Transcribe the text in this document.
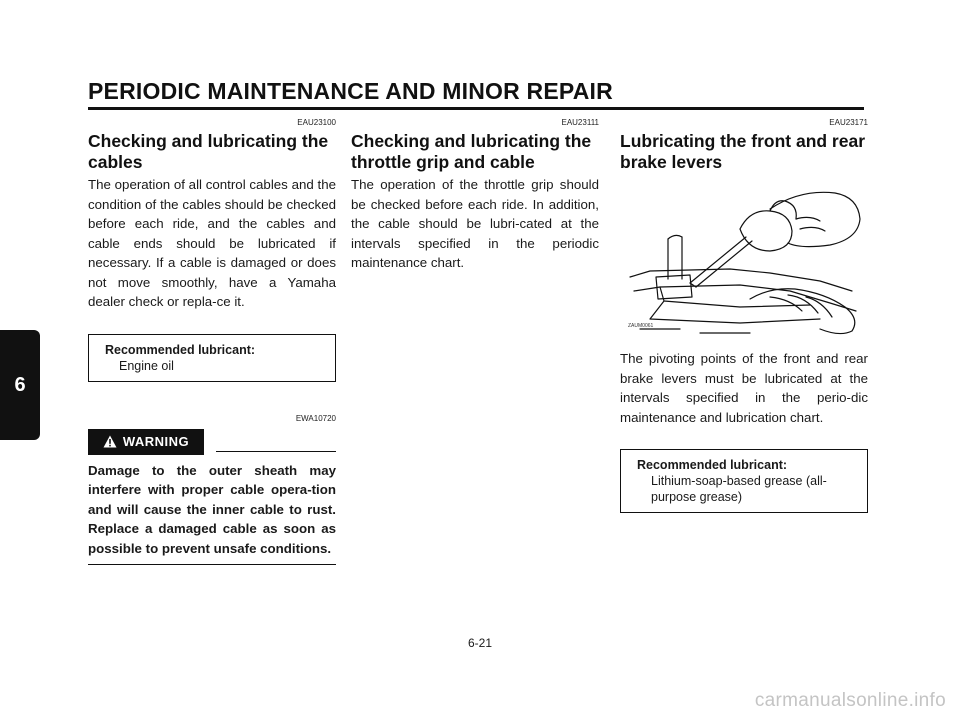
PERIODIC MAINTENANCE AND MINOR REPAIR
6
EAU23100
Checking and lubricating the cables

The operation of all control cables and the condition of the cables should be checked before each ride, and the cables and cable ends should be lubricated if necessary. If a cable is damaged or does not move smoothly, have a Yamaha dealer check or repla-ce it.

Recommended lubricant:
Engine oil
EWA10720
WARNING
Damage to the outer sheath may interfere with proper cable opera-tion and will cause the inner cable to rust. Replace a damaged cable as soon as possible to prevent unsafe conditions.
EAU23111
Checking and lubricating the throttle grip and cable

The operation of the throttle grip should be checked before each ride. In addition, the cable should be lubri-cated at the intervals specified in the periodic maintenance chart.

EAU23171
Lubricating the front and rear brake levers
ZAUM0061

The pivoting points of the front and rear brake levers must be lubricated at the intervals specified in the perio-dic maintenance and lubrication chart.

Recommended lubricant:
Lithium-soap-based grease (all-purpose grease)
6-21
carmanualsonline.info
